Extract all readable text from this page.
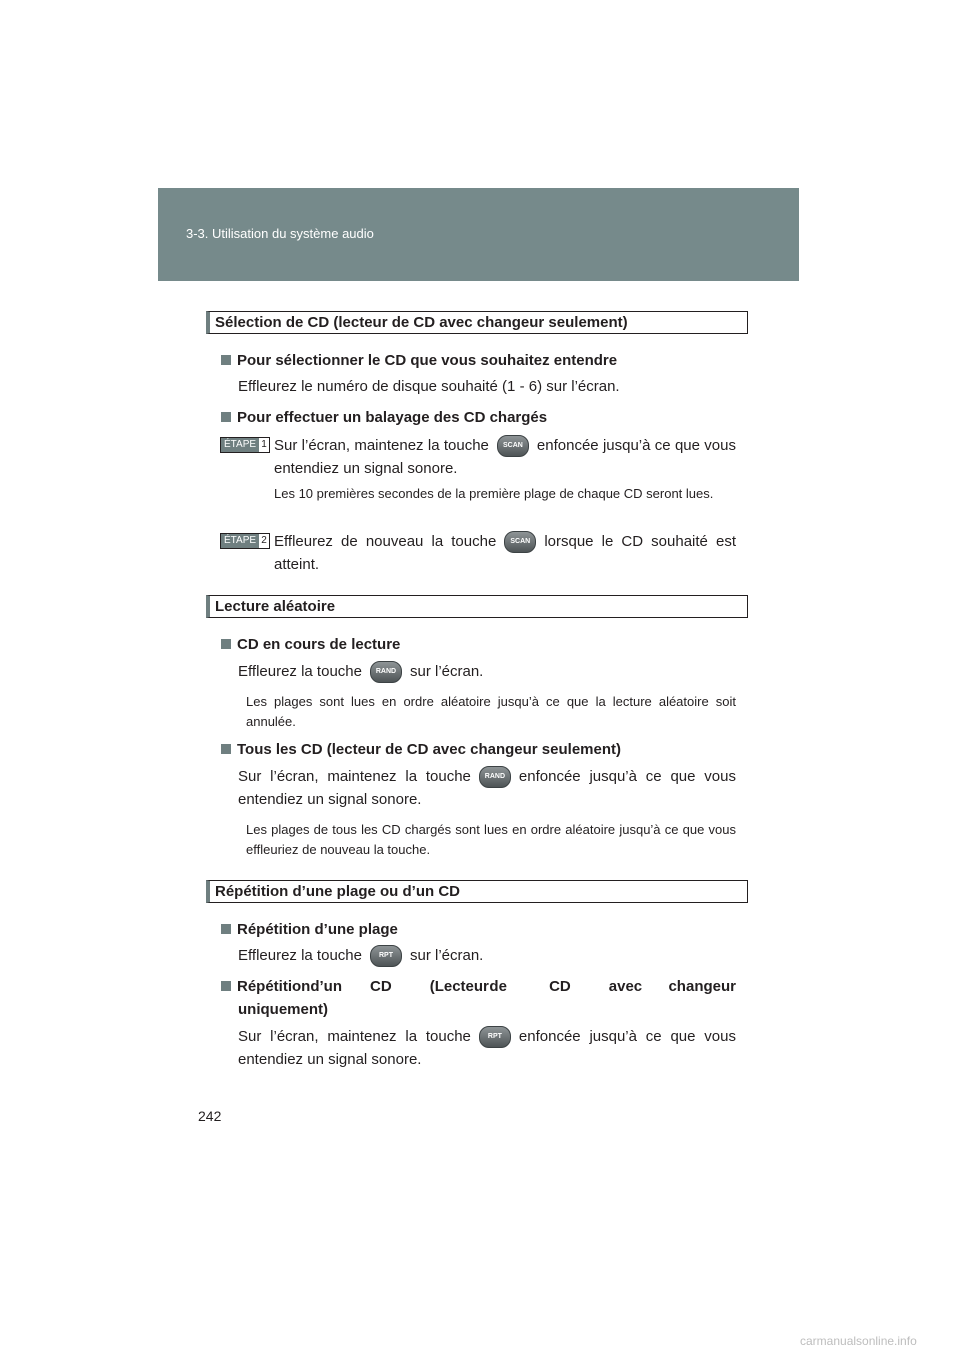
3-3. Utilisation du système audio
Sélection de CD (lecteur de CD avec changeur seulement)
Pour sélectionner le CD que vous souhaitez entendre
Effleurez le numéro de disque souhaité (1 - 6) sur l’écran.
Pour effectuer un balayage des CD chargés
ÉTAPE 1 Sur l’écran, maintenez la touche SCAN enfoncée jusqu’à ce que vous entendiez un signal sonore.
Les 10 premières secondes de la première plage de chaque CD seront lues.
ÉTAPE 2 Effleurez de nouveau la touche SCAN lorsque le CD souhaité est atteint.
Lecture aléatoire
CD en cours de lecture
Effleurez la touche RAND sur l’écran.
Les plages sont lues en ordre aléatoire jusqu’à ce que la lecture aléatoire soit annulée.
Tous les CD (lecteur de CD avec changeur seulement)
Sur l’écran, maintenez la touche RAND enfoncée jusqu’à ce que vous entendiez un signal sonore.
Les plages de tous les CD chargés sont lues en ordre aléatoire jusqu’à ce que vous effleuriez de nouveau la touche.
Répétition d’une plage ou d’un CD
Répétition d’une plage
Effleurez la touche RPT sur l’écran.
Répétition d’un	CD	(Lecteur de	CD	avec	changeur
uniquement)
Sur l’écran, maintenez la touche RPT enfoncée jusqu’à ce que vous entendiez un signal sonore.
242
carmanualsonline.info
